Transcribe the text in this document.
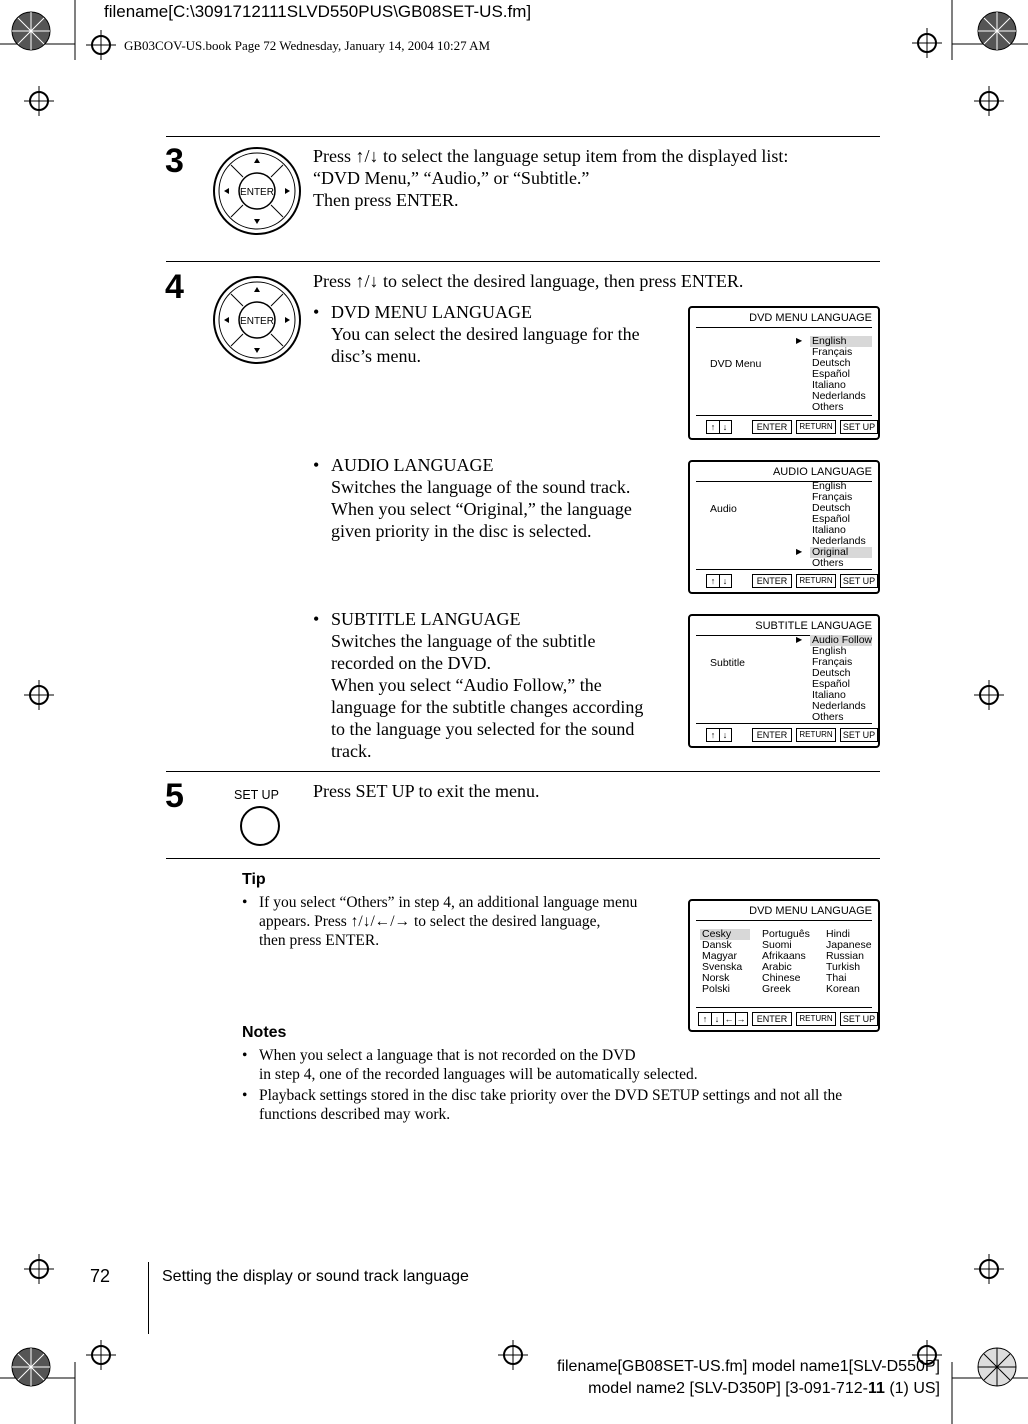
filename[C:\3091712111SLVD550PUS\GB08SET-US.fm]
GB03COV-US.book Page 72 Wednesday, January 14, 2004 10:27 AM
3
ENTER
Press ↑/↓ to select the language setup item from the displayed list:
“DVD Menu,” “Audio,” or “Subtitle.”
Then press ENTER.
4
ENTER
Press ↑/↓ to select the desired language, then press ENTER.
• DVD MENU LANGUAGE
You can select the desired language for the
disc’s menu.
• AUDIO LANGUAGE
Switches the language of the sound track.
When you select “Original,” the language
given priority in the disc is selected.
• SUBTITLE LANGUAGE
Switches the language of the subtitle
recorded on the DVD.
When you select “Audio Follow,” the
language for the subtitle changes according
to the language you selected for the sound
track.
DVD MENU LANGUAGE
DVD Menu
▶ English
Français
Deutsch
Español
Italiano
Nederlands
Others
↑ ↓	ENTER	RETURN	SET UP
AUDIO LANGUAGE
Audio
▶
English
Français
Deutsch
Español
Italiano
Nederlands
Original
Others
↑ ↓	ENTER	RETURN	SET UP
SUBTITLE LANGUAGE
Subtitle
▶ Audio Follow
English
Français
Deutsch
Español
Italiano
Nederlands
Others
↑ ↓	ENTER	RETURN	SET UP
5	SET UP Press SET UP to exit the menu.
Tip
• If you select “Others” in step 4, an additional language menu
appears. Press ↑/↓/←/→ to select the desired language,
then press ENTER.
DVD MENU LANGUAGE
Cesky
Dansk
Magyar
Svenska
Norsk
Polski
Português
Suomi
Afrikaans
Arabic
Chinese
Greek
Hindi
Japanese
Russian
Turkish
Thai
Korean
↑ ↓ ← →	ENTER	RETURN	SET UP
Notes
• When you select a language that is not recorded on the DVD
in step 4, one of the recorded languages will be automatically selected.
• Playback settings stored in the disc take priority over the DVD SETUP settings and not all the
functions described may work.
72	Setting the display or sound track language
filename[GB08SET-US.fm] model name1[SLV-D550P]
model name2 [SLV-D350P] [3-091-712-11 (1) US]
